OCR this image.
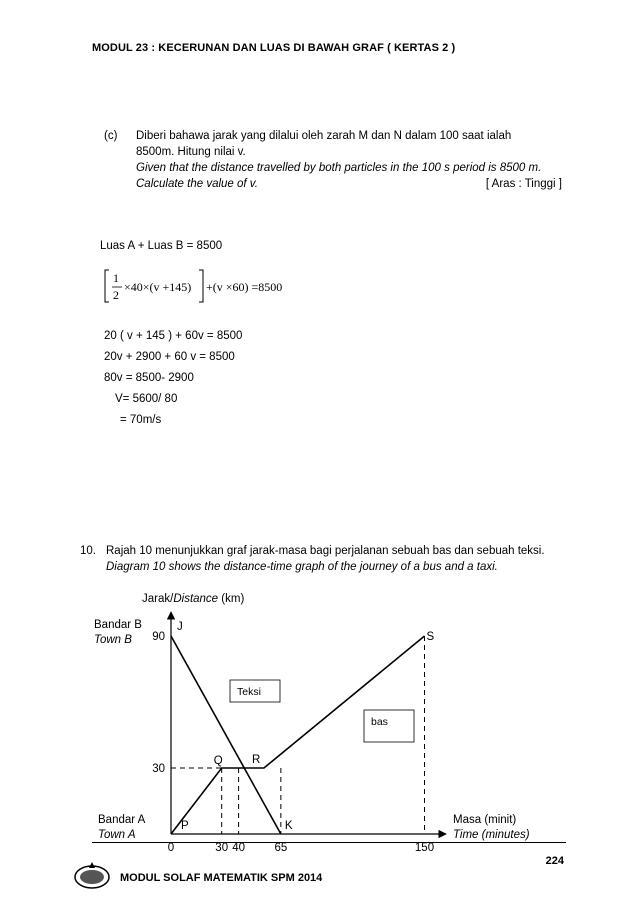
MODUL 23 : KECERUNAN DAN LUAS DI BAWAH GRAF ( KERTAS 2 )
(c) Diberi bahawa jarak yang dilalui oleh zarah M dan N dalam 100 saat ialah
8500m. Hitung nilai v.
Given that the distance travelled by both particles in the 100 s period is 8500 m.
Calculate the value of v.	[ Aras : Tinggi ]
Luas A + Luas B = 8500
1
2
×40×(v +145) +(v ×60) =8500
20 ( v + 145 ) + 60v = 8500
20v + 2900 + 60 v = 8500
80v = 8500- 2900
V= 5600/ 80
= 70m/s
10. Rajah 10 menunjukkan graf jarak-masa bagi perjalanan sebuah bas dan sebuah teksi.
Diagram 10 shows the distance-time graph of the journey of a bus and a taxi.
Jarak/Distance (km)
Bandar B
Town B
Bandar A
Town A
Masa (minit)
Time (minutes)
90
30
0	30 40	65	150
J
S
Q	R
P	K
Teksi
bas
224
MODUL SOLAF MATEMATIK SPM 2014
